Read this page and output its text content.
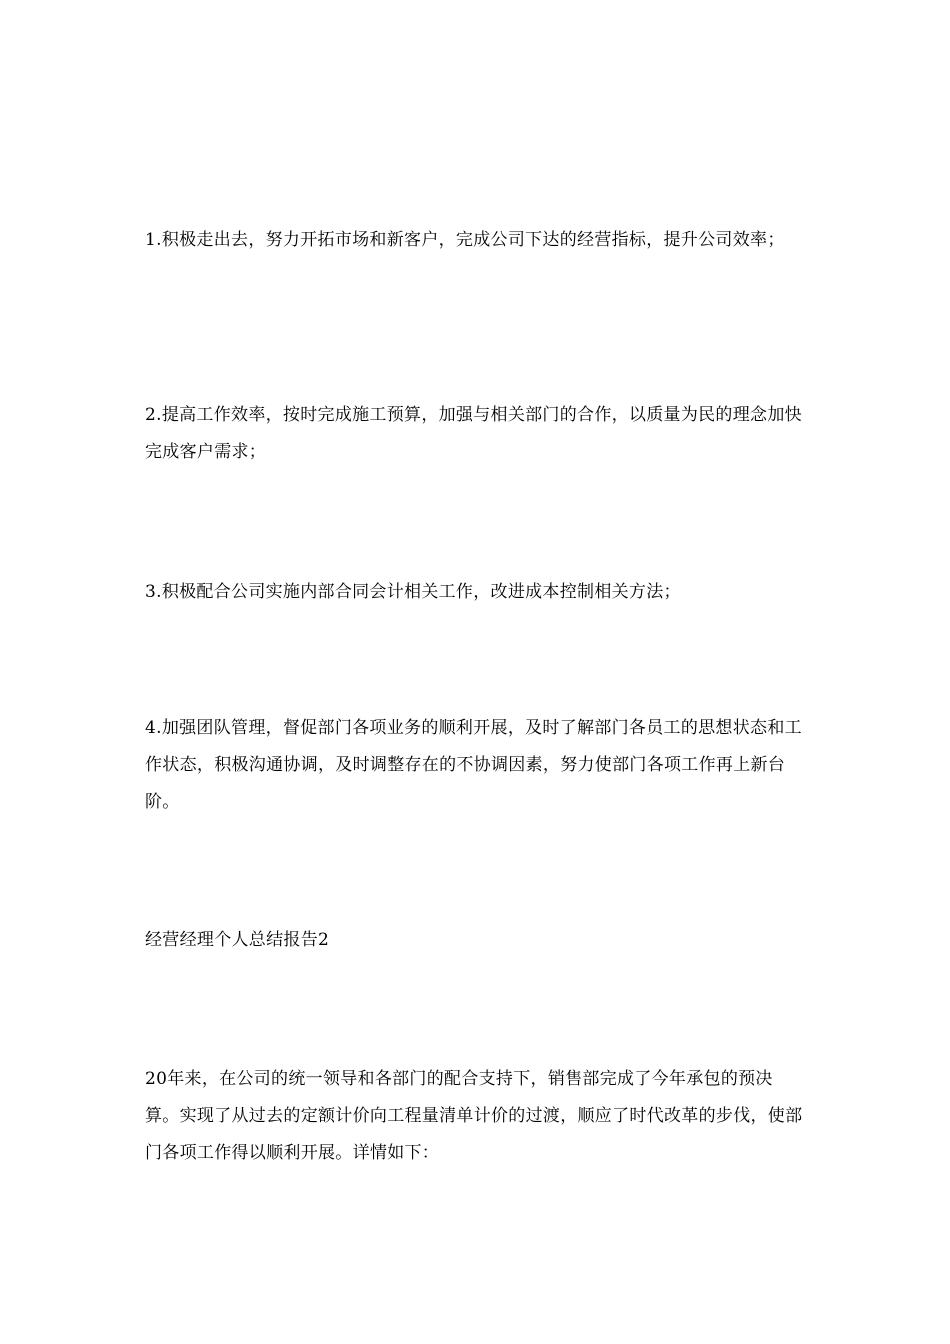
1.积极走出去，努力开拓市场和新客户，完成公司下达的经营指标，提升公司效率；

2.提高工作效率，按时完成施工预算，加强与相关部门的合作，以质量为民的理念加快完成客户需求；

3.积极配合公司实施内部合同会计相关工作，改进成本控制相关方法；

4.加强团队管理，督促部门各项业务的顺利开展，及时了解部门各员工的思想状态和工作状态，积极沟通协调，及时调整存在的不协调因素，努力使部门各项工作再上新台阶。

经营经理个人总结报告2

20年来，在公司的统一领导和各部门的配合支持下，销售部完成了今年承包的预决算。实现了从过去的定额计价向工程量清单计价的过渡，顺应了时代改革的步伐，使部门各项工作得以顺利开展。详情如下：
